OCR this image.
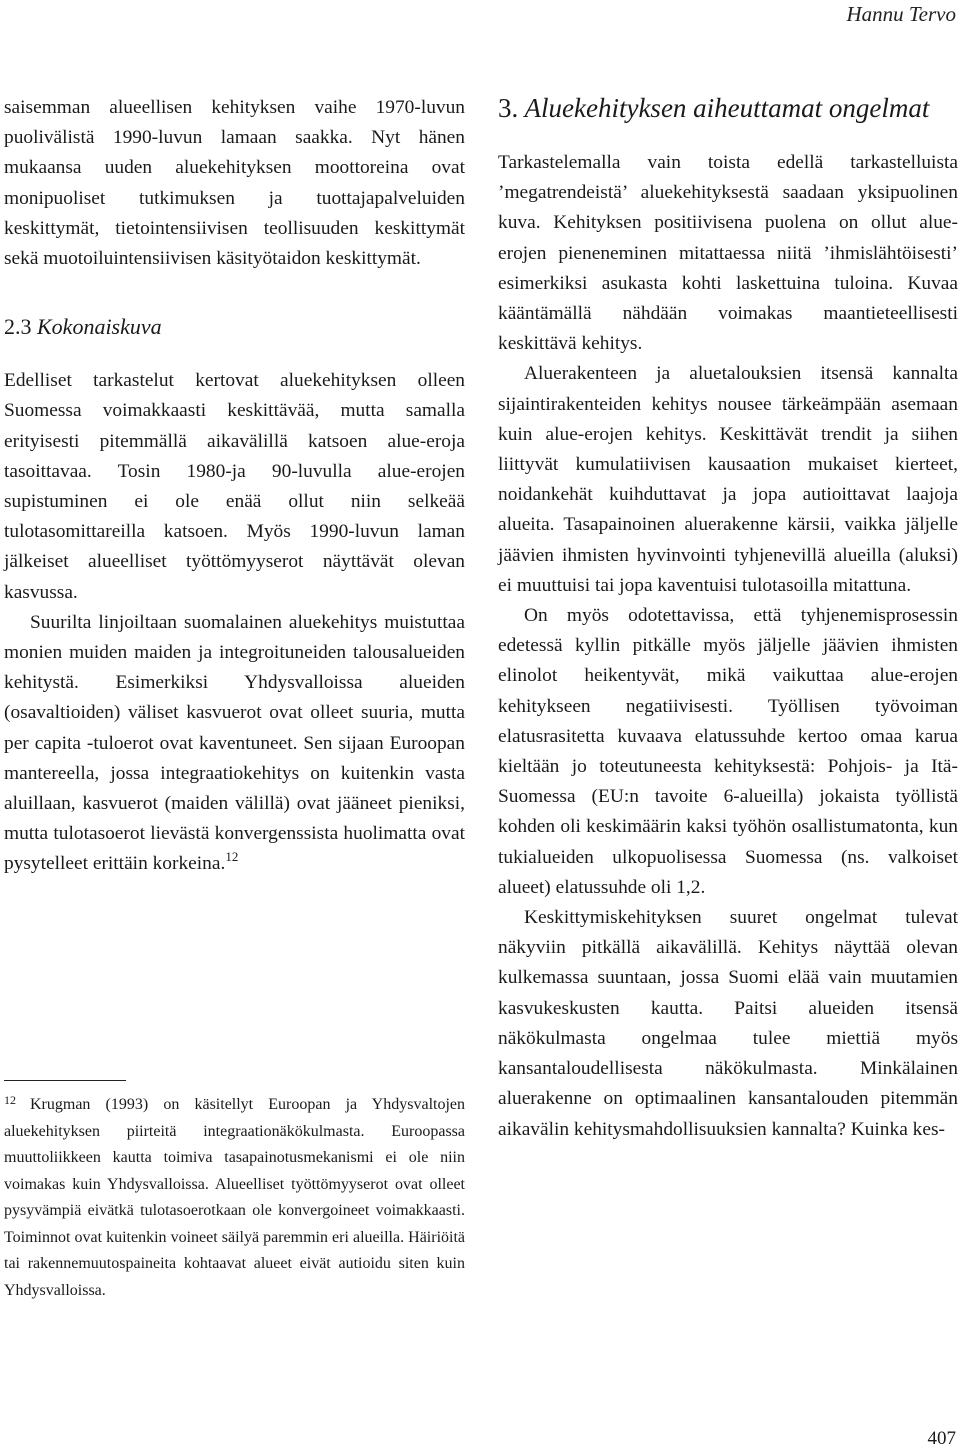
Hannu Tervo

saisemman alueellisen kehityksen vaihe 1970-luvun puolivälistä 1990-luvun lamaan saakka. Nyt hänen mukaansa uuden aluekehityksen moottoreina ovat monipuoliset tutkimuksen ja tuottajapalveluiden keskittymät, tietointensiivisen teollisuuden keskittymät sekä muotoiluintensiivisen käsityötaidon keskittymät.

2.3 Kokonaiskuva

Edelliset tarkastelut kertovat aluekehityksen olleen Suomessa voimakkaasti keskittävää, mutta samalla erityisesti pitemmällä aikavälillä katsoen alue-eroja tasoittavaa. Tosin 1980-ja 90-luvulla alue-erojen supistuminen ei ole enää ollut niin selkeää tulotasomittareilla katsoen. Myös 1990-luvun laman jälkeiset alueelliset työttömyyserot näyttävät olevan kasvussa.

Suurilta linjoiltaan suomalainen aluekehitys muistuttaa monien muiden maiden ja integroituneiden talousalueiden kehitystä. Esimerkiksi Yhdysvalloissa alueiden (osavaltioiden) väliset kasvuerot ovat olleet suuria, mutta per capita -tuloerot ovat kaventuneet. Sen sijaan Euroopan mantereella, jossa integraatiokehitys on kuitenkin vasta aluillaan, kasvuerot (maiden välillä) ovat jääneet pieniksi, mutta tulotasoerot lievästä konvergenssista huolimatta ovat pysytelleet erittäin korkeina.$^{12}$

$^{12}$ Krugman (1993) on käsitellyt Euroopan ja Yhdysvaltojen aluekehityksen piirteitä integraationäkökulmasta. Euroopassa muuttoliikkeen kautta toimiva tasapainotusmekanismi ei ole niin voimakas kuin Yhdysvalloissa. Alueelliset työttömyyserot ovat olleet pysyvämpiä eivätkä tulotasoerotkaan ole konvergoineet voimakkaasti. Toiminnot ovat kuitenkin voineet säilyä paremmin eri alueilla. Häiriöitä tai rakennemuutospaineita kohtaavat alueet eivät autioidu siten kuin Yhdysvalloissa.
3. Aluekehityksen aiheuttamat ongelmat

Tarkastelemalla vain toista edellä tarkastelluista ’megatrendeistä’ aluekehityksestä saadaan yksipuolinen kuva. Kehityksen positiivisena puolena on ollut alue-erojen pieneneminen mitattaessa niitä ’ihmislähtöisesti’ esimerkiksi asukasta kohti laskettuina tuloina. Kuvaa kääntämällä nähdään voimakas maantieteellisesti keskittävä kehitys.

Aluerakenteen ja aluetalouksien itsensä kannalta sijaintirakenteiden kehitys nousee tärkeämpään asemaan kuin alue-erojen kehitys. Keskittävät trendit ja siihen liittyvät kumulatiivisen kausaation mukaiset kierteet, noidankehät kuihduttavat ja jopa autioittavat laajoja alueita. Tasapainoinen aluerakenne kärsii, vaikka jäljelle jäävien ihmisten hyvinvointi tyhjenevillä alueilla (aluksi) ei muuttuisi tai jopa kaventuisi tulotasoilla mitattuna.

On myös odotettavissa, että tyhjenemisprosessin edetessä kyllin pitkälle myös jäljelle jäävien ihmisten elinolot heikentyvät, mikä vaikuttaa alue-erojen kehitykseen negatiivisesti. Työllisen työvoiman elatusrasitetta kuvaava elatussuhde kertoo omaa karua kieltään jo toteutuneesta kehityksestä: Pohjois- ja Itä-Suomessa (EU:n tavoite 6-alueilla) jokaista työllistä kohden oli keskimäärin kaksi työhön osallistumatonta, kun tukialueiden ulkopuolisessa Suomessa (ns. valkoiset alueet) elatussuhde oli 1,2.

Keskittymiskehityksen suuret ongelmat tulevat näkyviin pitkällä aikavälillä. Kehitys näyttää olevan kulkemassa suuntaan, jossa Suomi elää vain muutamien kasvukeskusten kautta. Paitsi alueiden itsensä näkökulmasta ongelmaa tulee miettiä myös kansantaloudellisesta näkökulmasta. Minkälainen aluerakenne on optimaalinen kansantalouden pitemmän aikavälin kehitysmahdollisuuksien kannalta? Kuinka kes-

407
